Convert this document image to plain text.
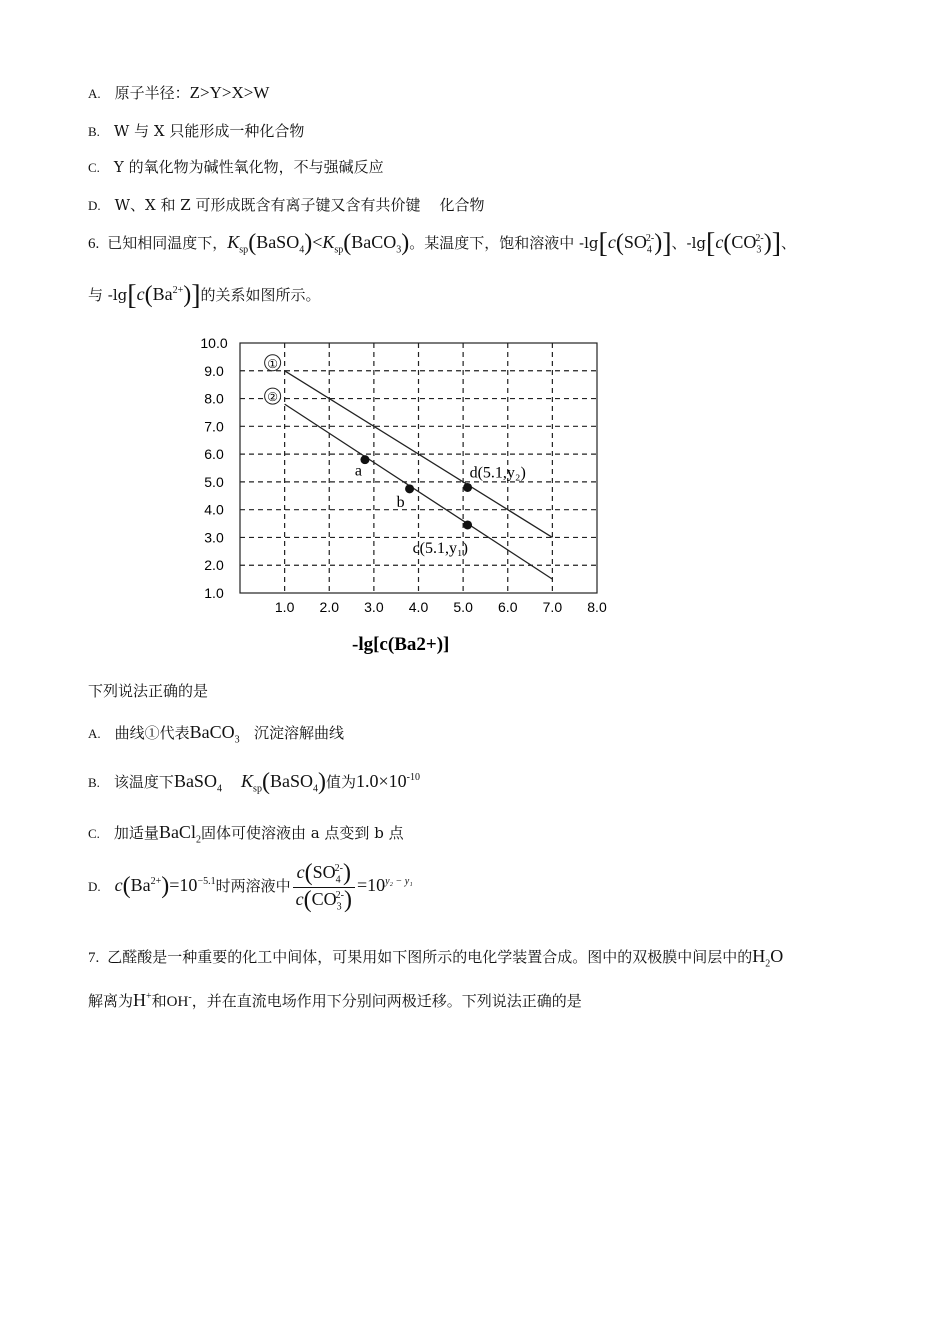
A. 原子半径：Z>Y>X>W
B. W 与 X 只能形成一种化合物
C. Y 的氧化物为碱性氧化物，不与强碱反应
D. W、X 和 Z 可形成既含有离子键又含有共价键    化合物
6. 已知相同温度下，$K_{sp}(BaSO_4)<K_{sp}(BaCO_3)$。某温度下，饱和溶液中 $-\lg[c(SO_4^{2-})]$、$-\lg[c(CO_3^{2-})]$、
与 $-\lg[c(Ba^{2+})]$的关系如图所示。
1.0 2.0 3.0 4.0 5.0 6.0 7.0 8.0
1.0
2.0
3.0
4.0
5.0
6.0
7.0
8.0
9.0
10.0
①
②
a
b
d(5.1,y₂)
c(5.1,y₁)
-lg[c(Ba2+)]
下列说法正确的是
A. 曲线①代表BaCO$_3$ 沉淀溶解曲线
B. 该温度下BaSO$_4$ $K_{sp}(BaSO_4)$值为$1.0\times 10^{-10}$
C. 加适量BaCl$_2$固体可使溶液由 a 点变到 b 点
D. $c(Ba^{2+})=10^{-5.1}$时两溶液中 $\frac{c(SO_4^{2-})}{c(CO_3^{2-})} =10^{y_2 - y_1}$
7. 乙醛酸是一种重要的化工中间体，可果用如下图所示的电化学装置合成。图中的双极膜中间层中的$H_2O$
解离为H+和OH-，并在直流电场作用下分别问两极迁移。下列说法正确的是
